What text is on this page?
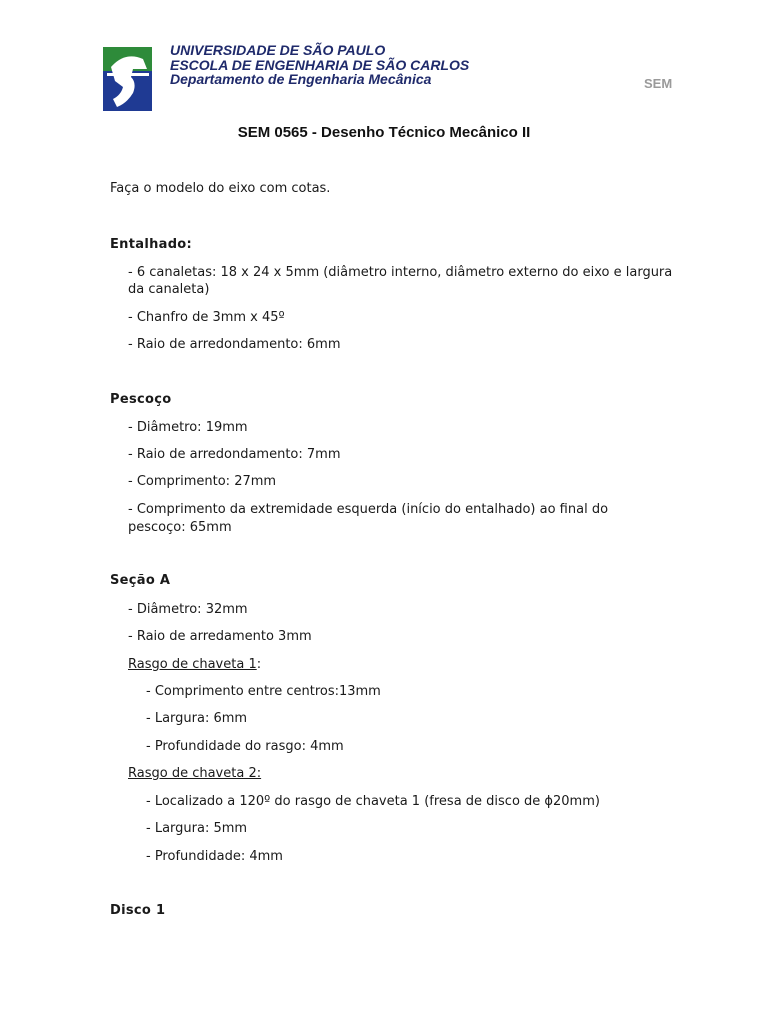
UNIVERSIDADE DE SÃO PAULO
ESCOLA DE ENGENHARIA DE SÃO CARLOS
Departamento de Engenharia Mecânica	SEM
SEM 0565 - Desenho Técnico Mecânico II
Faça o modelo do eixo com cotas.
Entalhado:
- 6 canaletas: 18 x 24 x 5mm (diâmetro interno, diâmetro externo do eixo e largura
da canaleta)
- Chanfro de 3mm x 45º
- Raio de arredondamento: 6mm
Pescoço
- Diâmetro: 19mm
- Raio de arredondamento: 7mm
- Comprimento: 27mm
- Comprimento da extremidade esquerda (início do entalhado) ao final do
pescoço: 65mm
Seção A
- Diâmetro: 32mm
- Raio de arredamento 3mm
Rasgo de chaveta 1:
- Comprimento entre centros:13mm
- Largura: 6mm
- Profundidade do rasgo: 4mm
Rasgo de chaveta 2:
- Localizado a 120º do rasgo de chaveta 1 (fresa de disco de ϕ20mm)
- Largura: 5mm
- Profundidade: 4mm
Disco 1
